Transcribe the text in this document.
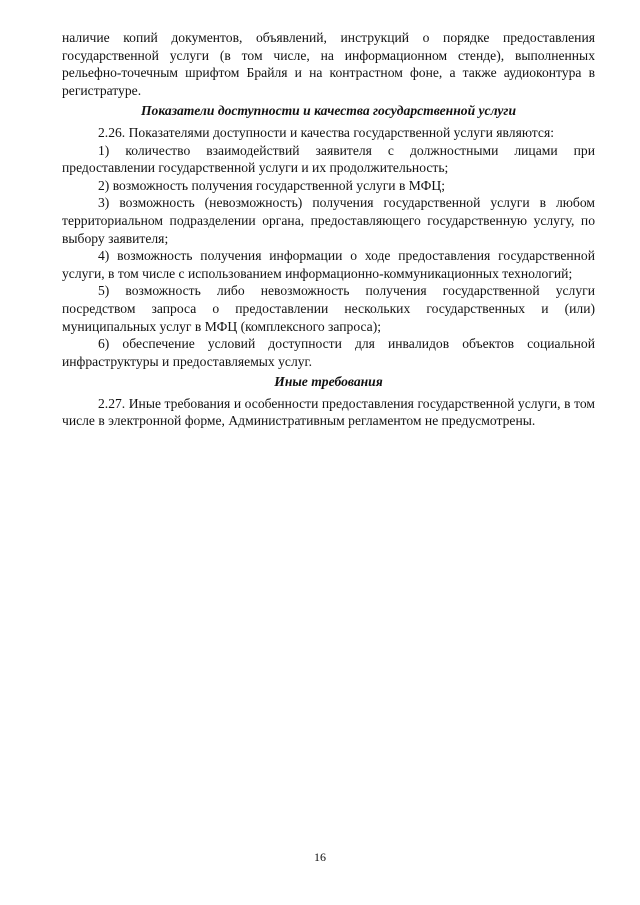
наличие копий документов, объявлений, инструкций о порядке предоставления государственной услуги (в том числе, на информационном стенде), выполненных рельефно-точечным шрифтом Брайля и на контрастном фоне, а также аудиоконтура в регистратуре.

Показатели доступности и качества государственной услуги

2.26. Показателями доступности и качества государственной услуги являются:

1) количество взаимодействий заявителя с должностными лицами при предоставлении государственной услуги и их продолжительность;

2) возможность получения государственной услуги в МФЦ;

3) возможность (невозможность) получения государственной услуги в любом территориальном подразделении органа, предоставляющего государственную услугу, по выбору заявителя;

4) возможность получения информации о ходе предоставления государственной услуги, в том числе с использованием информационно-коммуникационных технологий;

5) возможность либо невозможность получения государственной услуги посредством запроса о предоставлении нескольких государственных и (или) муниципальных услуг в МФЦ (комплексного запроса);

6) обеспечение условий доступности для инвалидов объектов социальной инфраструктуры и предоставляемых услуг.

Иные требования

2.27. Иные требования и особенности предоставления государственной услуги, в том числе в электронной форме, Административным регламентом не предусмотрены.

16
